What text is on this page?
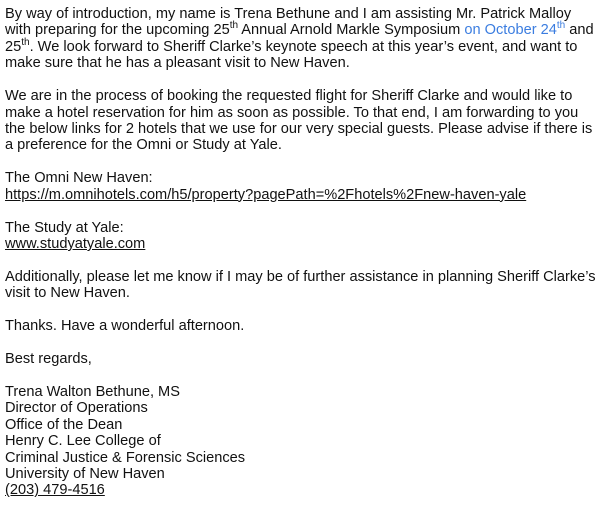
By way of introduction, my name is Trena Bethune and I am assisting Mr. Patrick Malloy with preparing for the upcoming 25th Annual Arnold Markle Symposium on October 24th and 25th. We look forward to Sheriff Clarke’s keynote speech at this year’s event, and want to make sure that he has a pleasant visit to New Haven.

We are in the process of booking the requested flight for Sheriff Clarke and would like to make a hotel reservation for him as soon as possible. To that end, I am forwarding to you the below links for 2 hotels that we use for our very special guests. Please advise if there is a preference for the Omni or Study at Yale.

The Omni New Haven:
https://m.omnihotels.com/h5/property?pagePath=%2Fhotels%2Fnew-haven-yale

The Study at Yale:
www.studyatyale.com

Additionally, please let me know if I may be of further assistance in planning Sheriff Clarke’s visit to New Haven.

Thanks. Have a wonderful afternoon.

Best regards,

Trena Walton Bethune, MS
Director of Operations
Office of the Dean
Henry C. Lee College of
Criminal Justice & Forensic Sciences
University of New Haven
(203) 479-4516
